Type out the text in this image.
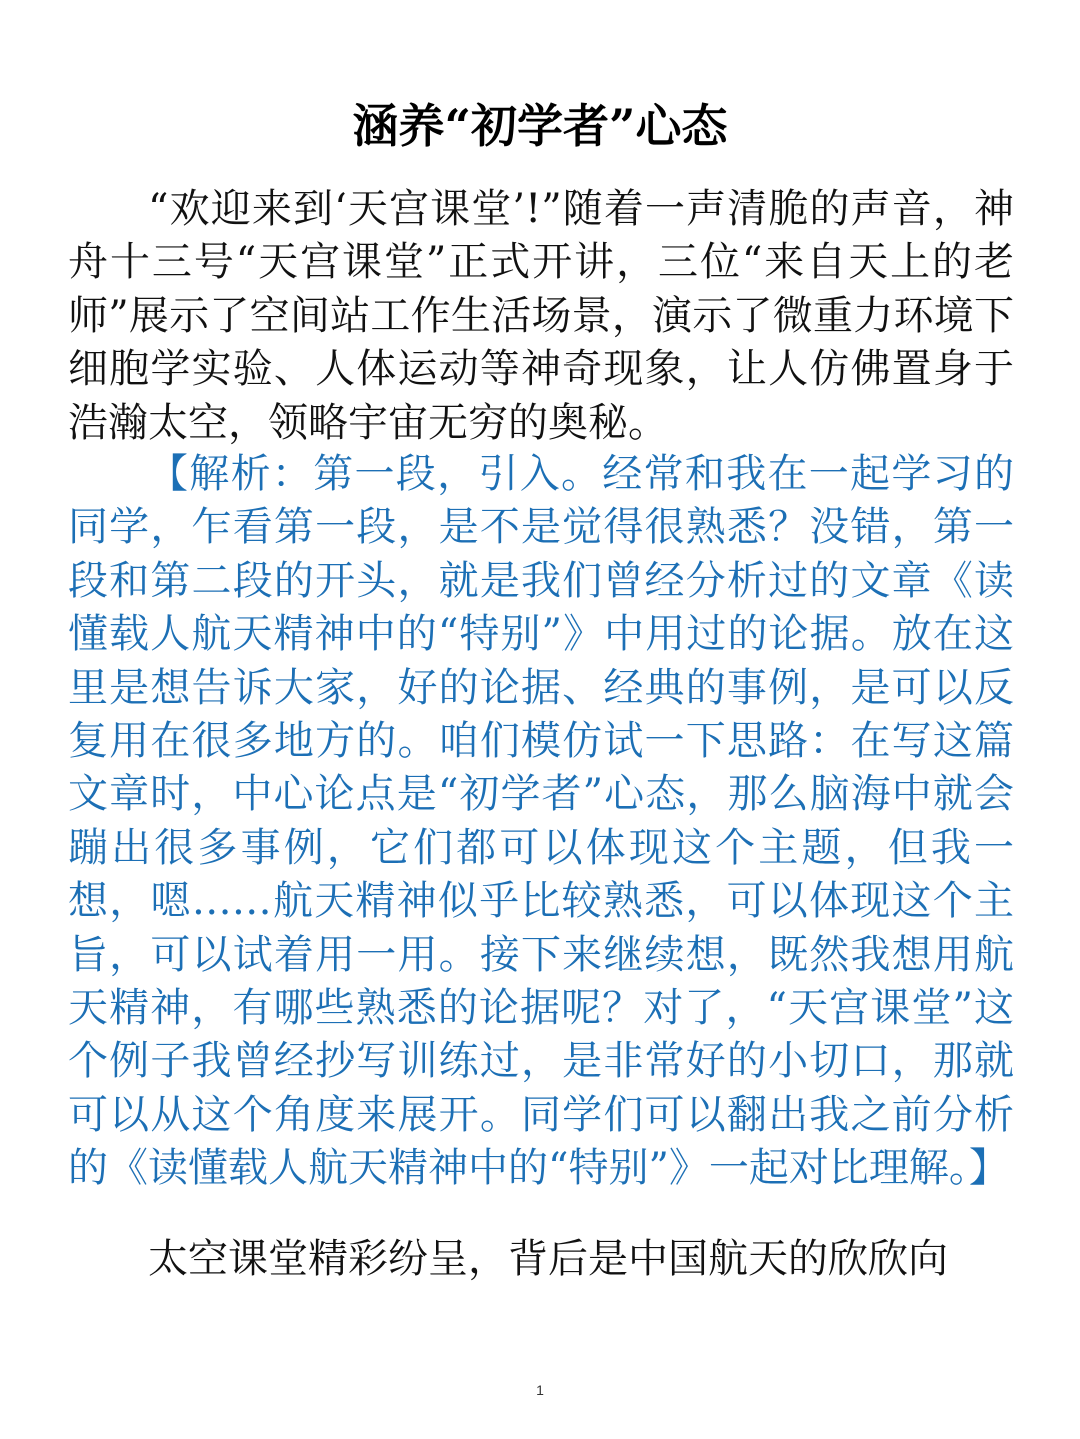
涵养“初学者”心态

“欢迎来到‘天宫课堂’!”随着一声清脆的声音，神舟十三号“天宫课堂”正式开讲，三位“来自天上的老师”展示了空间站工作生活场景，演示了微重力环境下细胞学实验、人体运动等神奇现象，让人仿佛置身于浩瀚太空，领略宇宙无穷的奥秘。

【解析：第一段，引入。经常和我在一起学习的同学，乍看第一段，是不是觉得很熟悉？没错，第一段和第二段的开头，就是我们曾经分析过的文章《读懂载人航天精神中的“特别”》中用过的论据。放在这里是想告诉大家，好的论据、经典的事例，是可以反复用在很多地方的。咱们模仿试一下思路：在写这篇文章时，中心论点是“初学者”心态，那么脑海中就会蹦出很多事例，它们都可以体现这个主题，但我一想，嗯……航天精神似乎比较熟悉，可以体现这个主旨，可以试着用一用。接下来继续想，既然我想用航天精神，有哪些熟悉的论据呢？对了，“天宫课堂”这个例子我曾经抄写训练过，是非常好的小切口，那就可以从这个角度来展开。同学们可以翻出我之前分析的《读懂载人航天精神中的“特别”》一起对比理解。】

太空课堂精彩纷呈，背后是中国航天的欣欣向

1
